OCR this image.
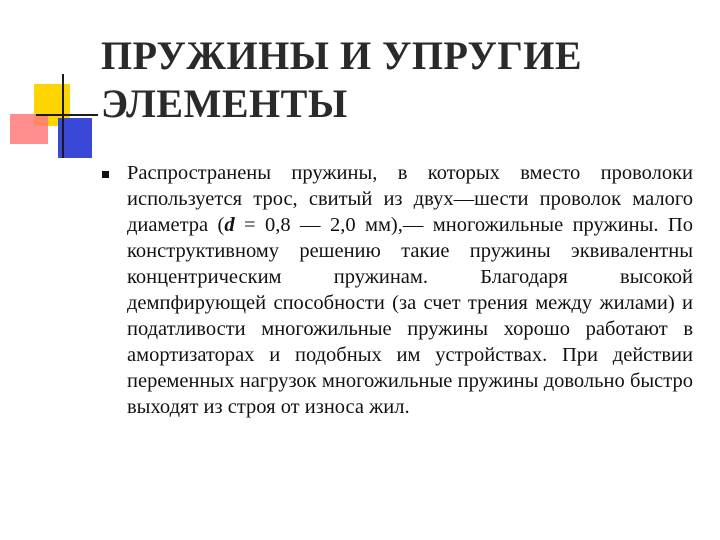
ПРУЖИНЫ И УПРУГИЕ ЭЛЕМЕНТЫ

Распространены пружины, в которых вместо проволоки используется трос, свитый из двух—шести проволок малого диаметра (d = 0,8 — 2,0 мм),— многожильные пружины. По конструктивному решению такие пружины эквивалентны концентрическим пружинам. Благодаря высокой демпфирующей способности (за счет трения между жилами) и податливости многожильные пружины хорошо работают в амортизаторах и подобных им устройствах. При действии переменных нагрузок многожильные пружины довольно быстро выходят из строя от износа жил.
